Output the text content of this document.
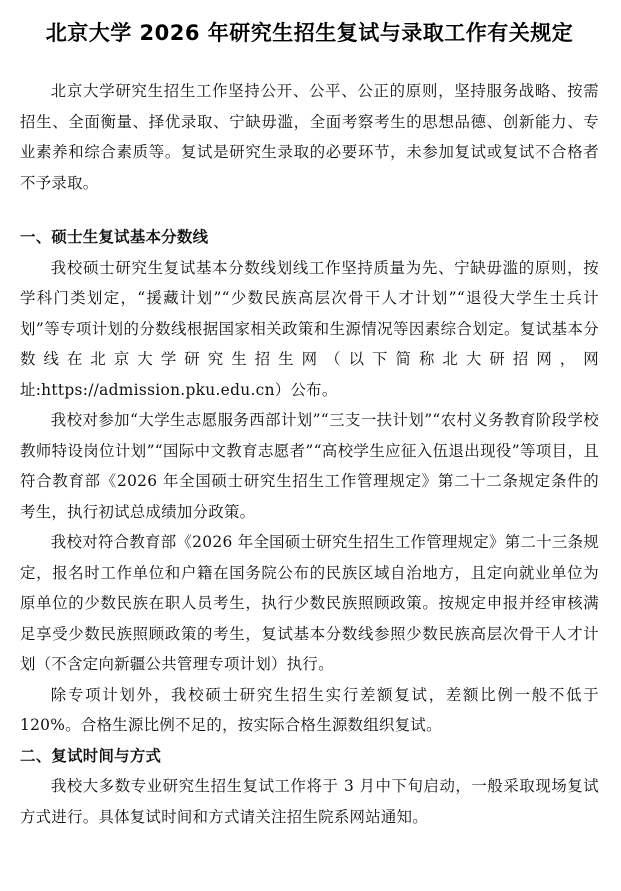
北京大学 2026 年研究生招生复试与录取工作有关规定

北京大学研究生招生工作坚持公开、公平、公正的原则，坚持服务战略、按需招生、全面衡量、择优录取、宁缺毋滥，全面考察考生的思想品德、创新能力、专业素养和综合素质等。复试是研究生录取的必要环节，未参加复试或复试不合格者不予录取。

一、硕士生复试基本分数线

我校硕士研究生复试基本分数线划线工作坚持质量为先、宁缺毋滥的原则，按学科门类划定，“援藏计划”“少数民族高层次骨干人才计划”“退役大学生士兵计划”等专项计划的分数线根据国家相关政策和生源情况等因素综合划定。复试基本分数线在北京大学研究生招生网（以下简称北大研招网，网址:https://admission.pku.edu.cn）公布。

我校对参加“大学生志愿服务西部计划”“三支一扶计划”“农村义务教育阶段学校教师特设岗位计划”“国际中文教育志愿者”“高校学生应征入伍退出现役”等项目，且符合教育部《2026 年全国硕士研究生招生工作管理规定》第二十二条规定条件的考生，执行初试总成绩加分政策。

我校对符合教育部《2026 年全国硕士研究生招生工作管理规定》第二十三条规定，报名时工作单位和户籍在国务院公布的民族区域自治地方，且定向就业单位为原单位的少数民族在职人员考生，执行少数民族照顾政策。按规定申报并经审核满足享受少数民族照顾政策的考生，复试基本分数线参照少数民族高层次骨干人才计划（不含定向新疆公共管理专项计划）执行。

除专项计划外，我校硕士研究生招生实行差额复试，差额比例一般不低于 120%。合格生源比例不足的，按实际合格生源数组织复试。

二、复试时间与方式

我校大多数专业研究生招生复试工作将于 3 月中下旬启动，一般采取现场复试方式进行。具体复试时间和方式请关注招生院系网站通知。
